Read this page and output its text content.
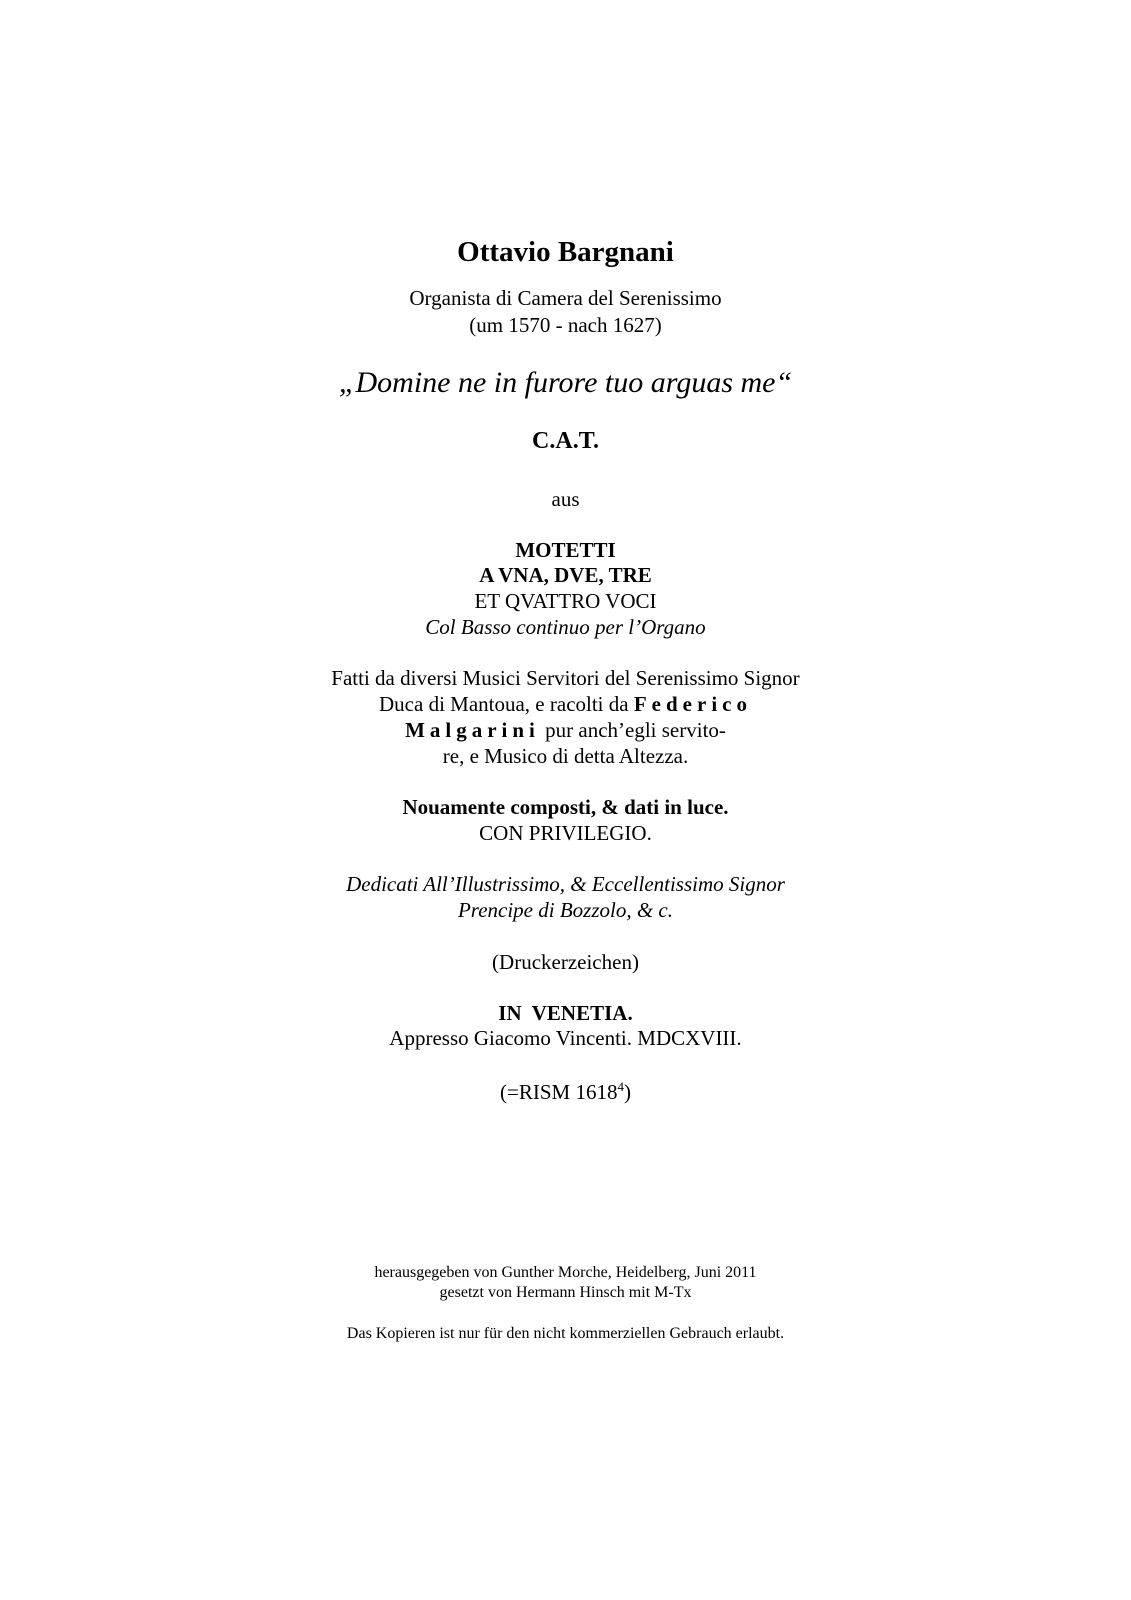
Ottavio Bargnani
Organista di Camera del Serenissimo
(um 1570 - nach 1627)
„Domine ne in furore tuo arguas me“
C.A.T.
aus
MOTETTI
A VNA, DVE, TRE
ET QVATTRO VOCI
Col Basso continuo per l’Organo
Fatti da diversi Musici Servitori del Serenissimo Signor
Duca di Mantoua, e racolti da Federico
Malgarini pur anch’egli servito-
re, e Musico di detta Altezza.
Nouamente composti, & dati in luce.
CON PRIVILEGIO.
Dedicati All’Illustrissimo, & Eccellentissimo Signor
Prencipe di Bozzolo, & c.
(Druckerzeichen)
IN  VENETIA.
Appresso Giacomo Vincenti. MDCXVIII.
(=RISM 1618$^4$)
herausgegeben von Gunther Morche, Heidelberg, Juni 2011
gesetzt von Hermann Hinsch mit M-Tx
Das Kopieren ist nur für den nicht kommerziellen Gebrauch erlaubt.
